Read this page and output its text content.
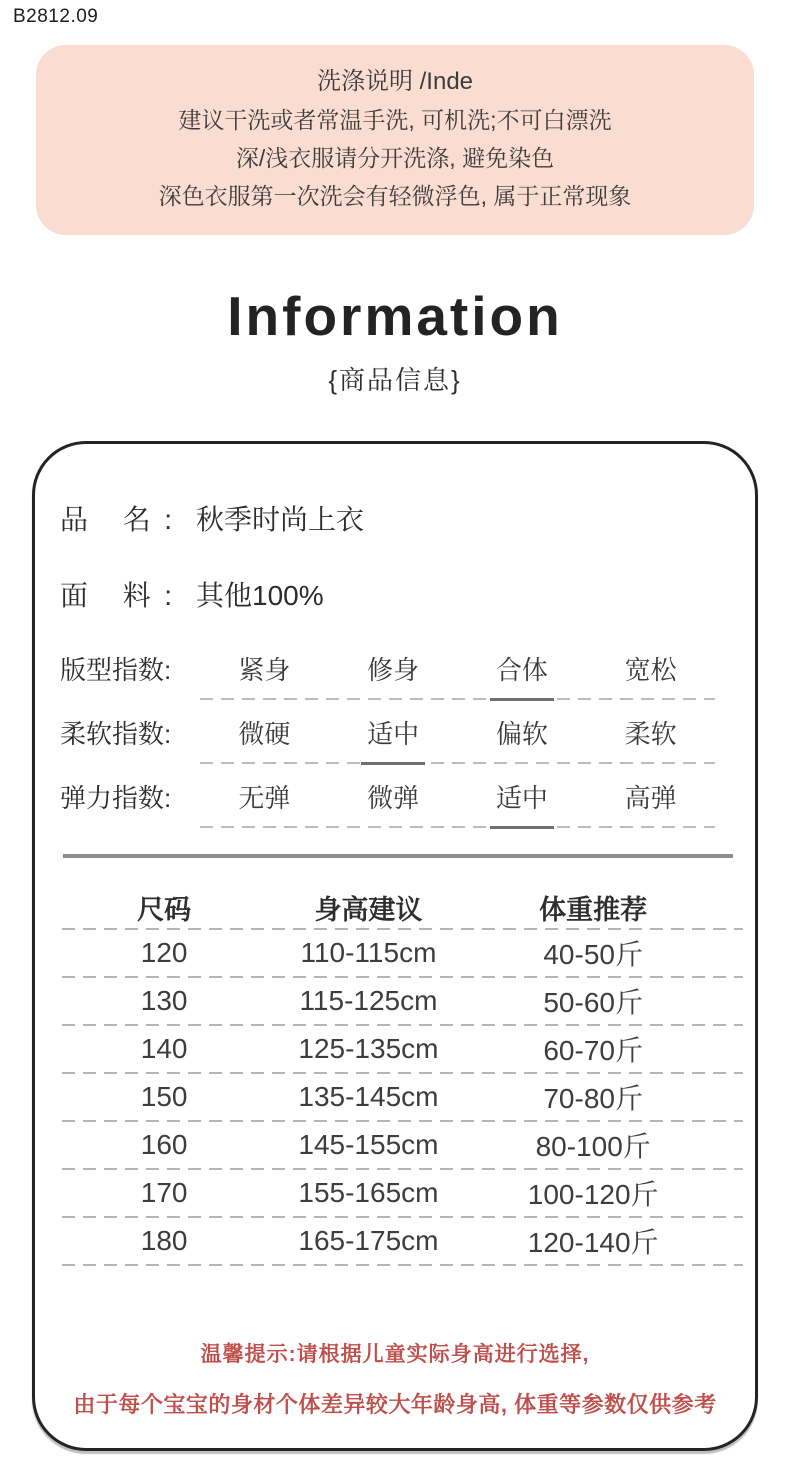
B2812.09
洗涤说明 /Inde
建议干洗或者常温手洗, 可机洗;不可白漂洗
深/浅衣服请分开洗涤, 避免染色
深色衣服第一次洗会有轻微浮色, 属于正常现象
Information
{商品信息}
品 名: 秋季时尚上衣
面 料: 其他100%
版型指数:	紧身	修身	合体	宽松
柔软指数:	微硬	适中	偏软	柔软
弹力指数:	无弹	微弹	适中	高弹
尺码	身高建议	体重推荐
120	110-115cm	40-50斤
130	115-125cm	50-60斤
140	125-135cm	60-70斤
150	135-145cm	70-80斤
160	145-155cm	80-100斤
170	155-165cm	100-120斤
180	165-175cm	120-140斤
温馨提示:请根据儿童实际身高进行选择,
由于每个宝宝的身材个体差异较大年龄身高, 体重等参数仅供参考
